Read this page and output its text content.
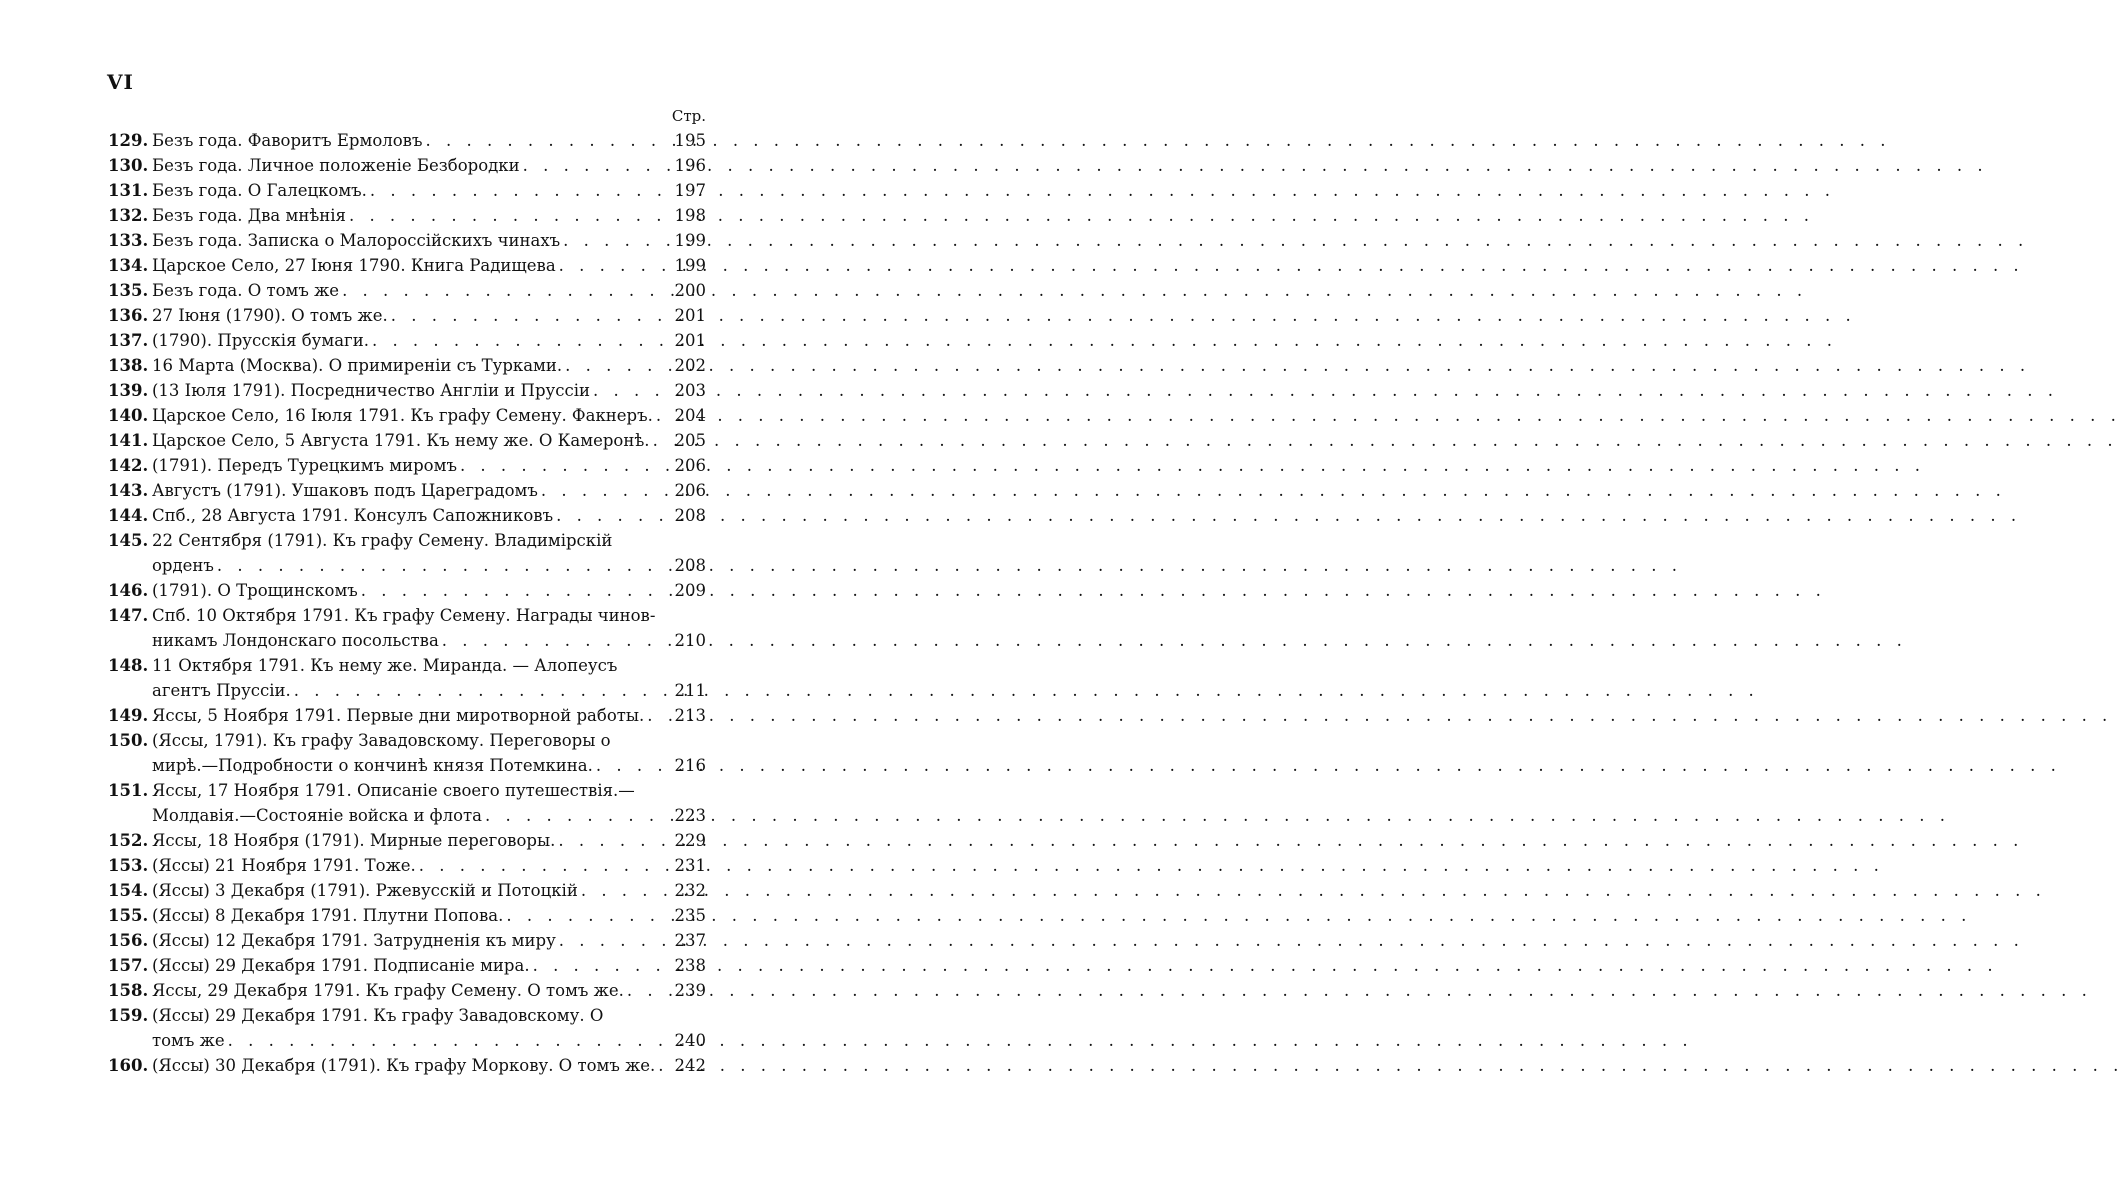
VI
Стр.
129. Безъ года. Фаворитъ Ермоловъ . . .	195
130. Безъ года. Личное положеніе Безбородки . . .	196
131. Безъ года. О Галецкомъ. . . .	197
132. Безъ года. Два мнѣнія . . .	198
133. Безъ года. Записка о Малороссійскихъ чинахъ . . .	199
134. Царское Село, 27 Іюня 1790. Книга Радищева . . .	199
135. Безъ года. О томъ же . . .	200
136. 27 Іюня (1790). О томъ же. . . .	201
137. (1790). Прусскія бумаги. . . .	201
138. 16 Марта (Москва). О примиреніи съ Турками. . . .	202
139. (13 Іюля 1791). Посредничество Англіи и Пруссіи . . .	203
140. Царское Село, 16 Іюля 1791. Къ графу Семену. Факнеръ. . . . 204
141. Царское Село, 5 Августа 1791. Къ нему же. О Камеронѣ. . . . 205
142. (1791). Передъ Турецкимъ миромъ . . .	206
143. Августъ (1791). Ушаковъ подъ Цареградомъ . . .	206
144. Спб., 28 Августа 1791. Консулъ Сапожниковъ . . .	208
145. 22 Сентября (1791). Къ графу Семену. Владимірскій
орденъ . . .	208
146. (1791). О Трощинскомъ . . .	209
147. Спб. 10 Октября 1791. Къ графу Семену. Награды чинов-
никамъ Лондонскаго посольства . . .	210
148. 11 Октября 1791. Къ нему же. Миранда. — Алопеусъ
агентъ Пруссіи. . . .	211
149. Яссы, 5 Ноября 1791. Первые дни миротворной работы. . . . 213
150. (Яссы, 1791). Къ графу Завадовскому. Переговоры о
мирѣ.—Подробности о кончинѣ князя Потемкина. . . .	216
151. Яссы, 17 Ноября 1791. Описаніе своего путешествія.—
Молдавія.—Состояніе войска и флота . . .	223
152. Яссы, 18 Ноября (1791). Мирные переговоры. . . .	229
153. (Яссы) 21 Ноября 1791. Тоже. . . .	231
154. (Яссы) 3 Декабря (1791). Ржевусскій и Потоцкій . . .	232
155. (Яссы) 8 Декабря 1791. Плутни Попова. . . .	235
156. (Яссы) 12 Декабря 1791. Затрудненія къ миру . . .	237
157. (Яссы) 29 Декабря 1791. Подписаніе мира. . . .	238
158. Яссы, 29 Декабря 1791. Къ графу Семену. О томъ же. . . .	239
159. (Яссы) 29 Декабря 1791. Къ графу Завадовскому. О
томъ же . . .	240
160. (Яссы) 30 Декабря (1791). Къ графу Моркову. О томъ же. . . . 242
